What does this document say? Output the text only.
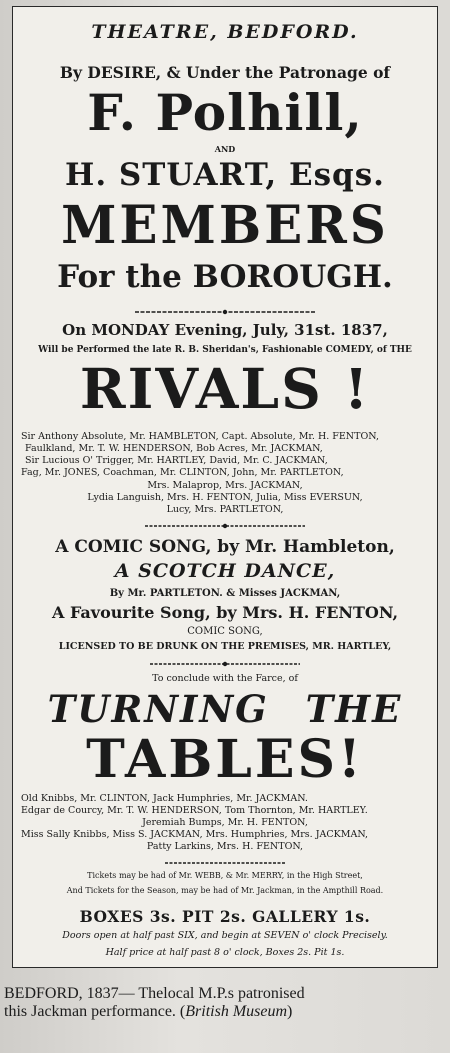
THEATRE, BEDFORD.
By DESIRE, & Under the Patronage of
F. Polhill,
AND
H. STUART, Esqs.
MEMBERS
For the BOROUGH.
On MONDAY Evening, July, 31st. 1837,
Will be Performed the late R. B. Sheridan's, Fashionable COMEDY, of THE
RIVALS !
Sir Anthony Absolute, Mr. HAMBLETON, Capt. Absolute, Mr. H. FENTON,
Faulkland, Mr. T. W. HENDERSON, Bob Acres, Mr. JACKMAN,
Sir Lucious O' Trigger, Mr. HARTLEY, David, Mr. C. JACKMAN,
Fag, Mr. JONES, Coachman, Mr. CLINTON, John, Mr. PARTLETON,
Mrs. Malaprop, Mrs. JACKMAN,
Lydia Languish, Mrs. H. FENTON, Julia, Miss EVERSUN,
Lucy, Mrs. PARTLETON,
A COMIC SONG, by Mr. Hambleton,
A SCOTCH DANCE,
By Mr. PARTLETON. & Misses JACKMAN,
A Favourite Song, by Mrs. H. FENTON,
COMIC SONG,
LICENSED TO BE DRUNK ON THE PREMISES, MR. HARTLEY,
To conclude with the Farce, of
TURNING THE
TABLES!
Old Knibbs, Mr. CLINTON, Jack Humphries, Mr. JACKMAN.
Edgar de Courcy, Mr. T. W. HENDERSON, Tom Thornton, Mr. HARTLEY.
Jeremiah Bumps, Mr. H. FENTON,
Miss Sally Knibbs, Miss S. JACKMAN, Mrs. Humphries, Mrs. JACKMAN,
Patty Larkins, Mrs. H. FENTON,
Tickets may be had of Mr. WEBB, & Mr. MERRY, in the High Street,
And Tickets for the Season, may be had of Mr. Jackman, in the Ampthill Road.
BOXES 3s. PIT 2s. GALLERY 1s.
Doors open at half past SIX, and begin at SEVEN o' clock Precisely.
Half price at half past 8 o' clock, Boxes 2s. Pit 1s.
BEDFORD, 1837— Thelocal M.P.s patronised
this Jackman performance. (British Museum)
